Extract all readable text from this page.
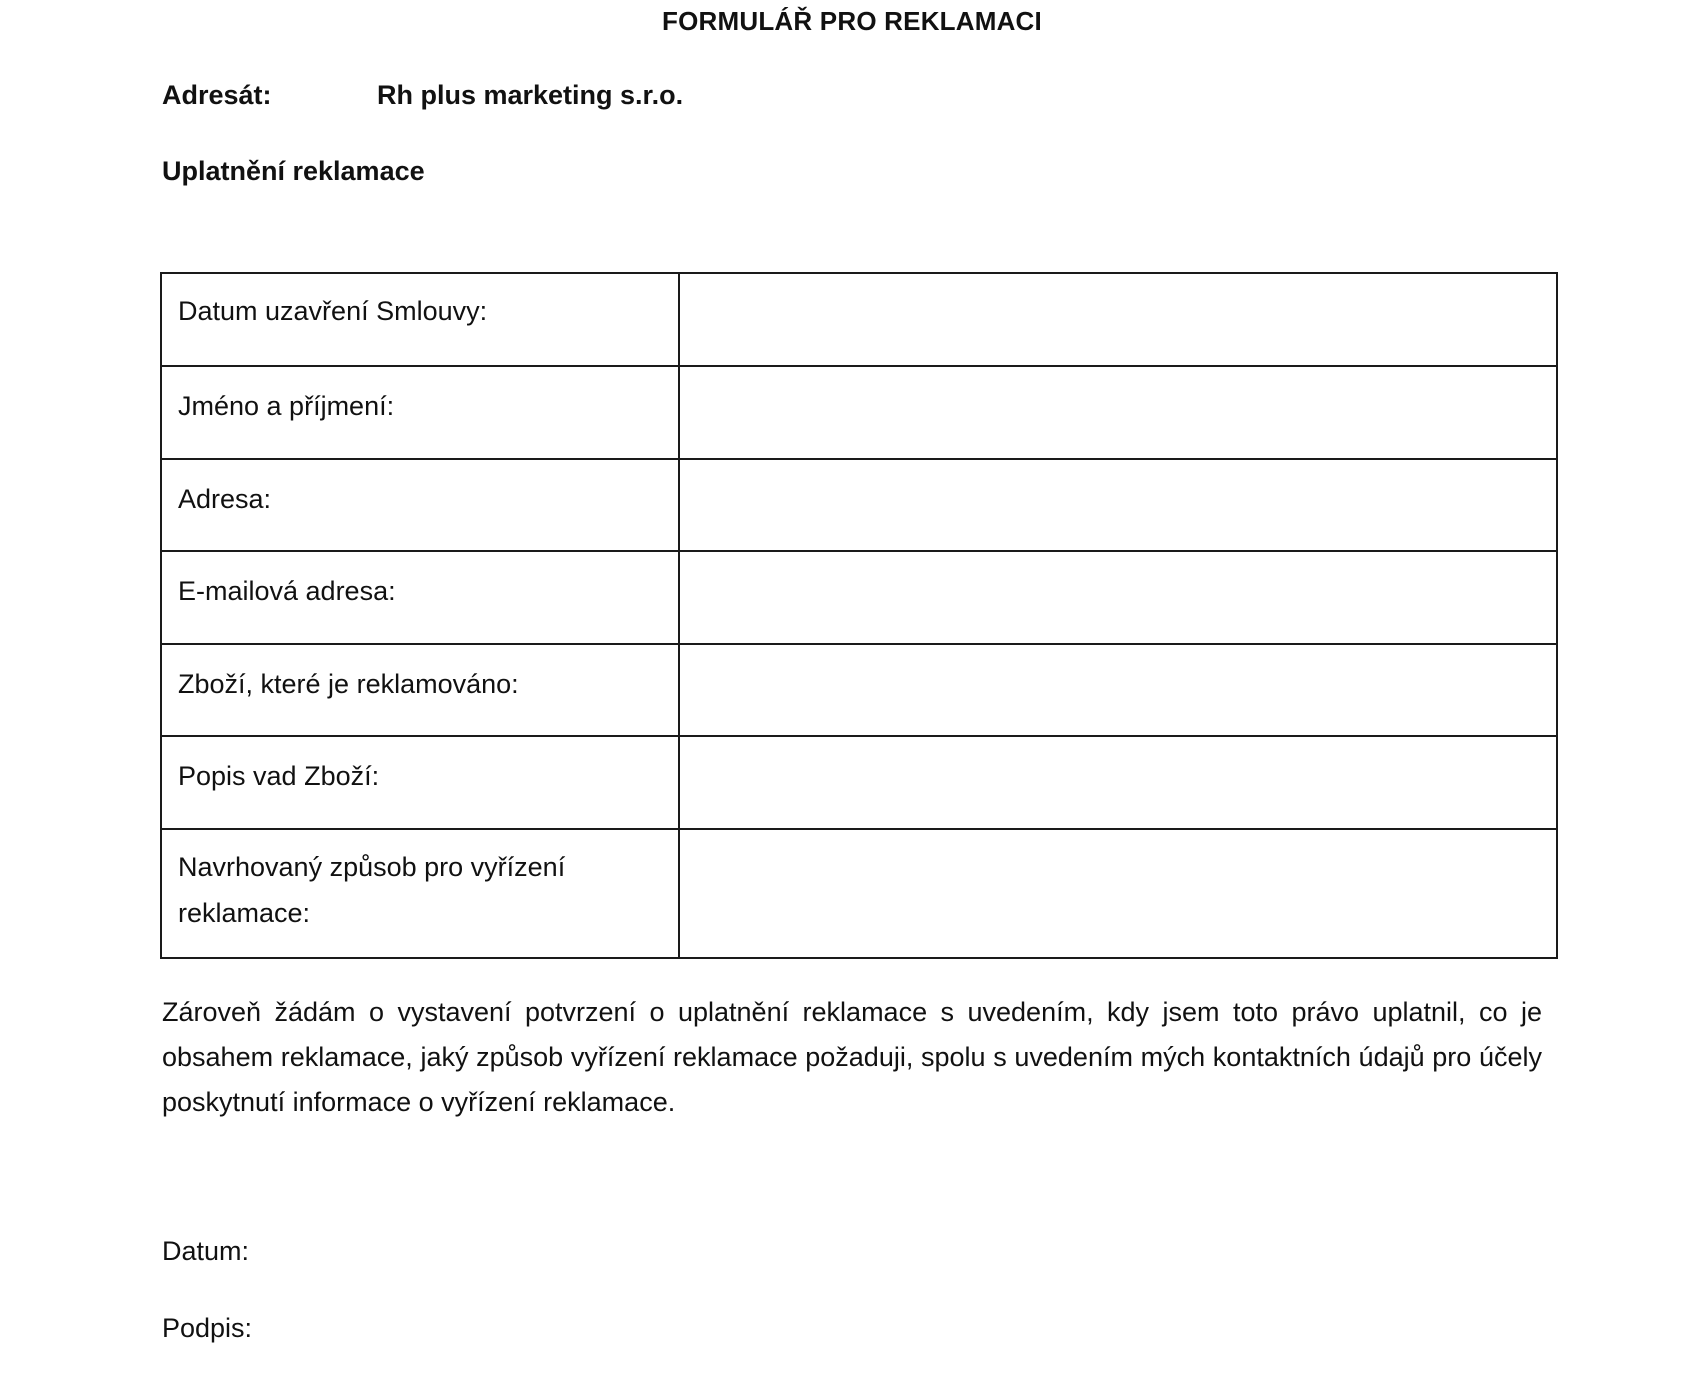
FORMULÁŘ PRO REKLAMACI
Adresát:	Rh plus marketing s.r.o.
Uplatnění reklamace
Datum uzavření Smlouvy:	
Jméno a příjmení:	
Adresa:	
E-mailová adresa:	
Zboží, které je reklamováno:	
Popis vad Zboží:	
Navrhovaný způsob pro vyřízení reklamace:	
Zároveň žádám o vystavení potvrzení o uplatnění reklamace s uvedením, kdy jsem toto právo uplatnil, co je obsahem reklamace, jaký způsob vyřízení reklamace požaduji, spolu s uvedením mých kontaktních údajů pro účely poskytnutí informace o vyřízení reklamace.
Datum:
Podpis:
